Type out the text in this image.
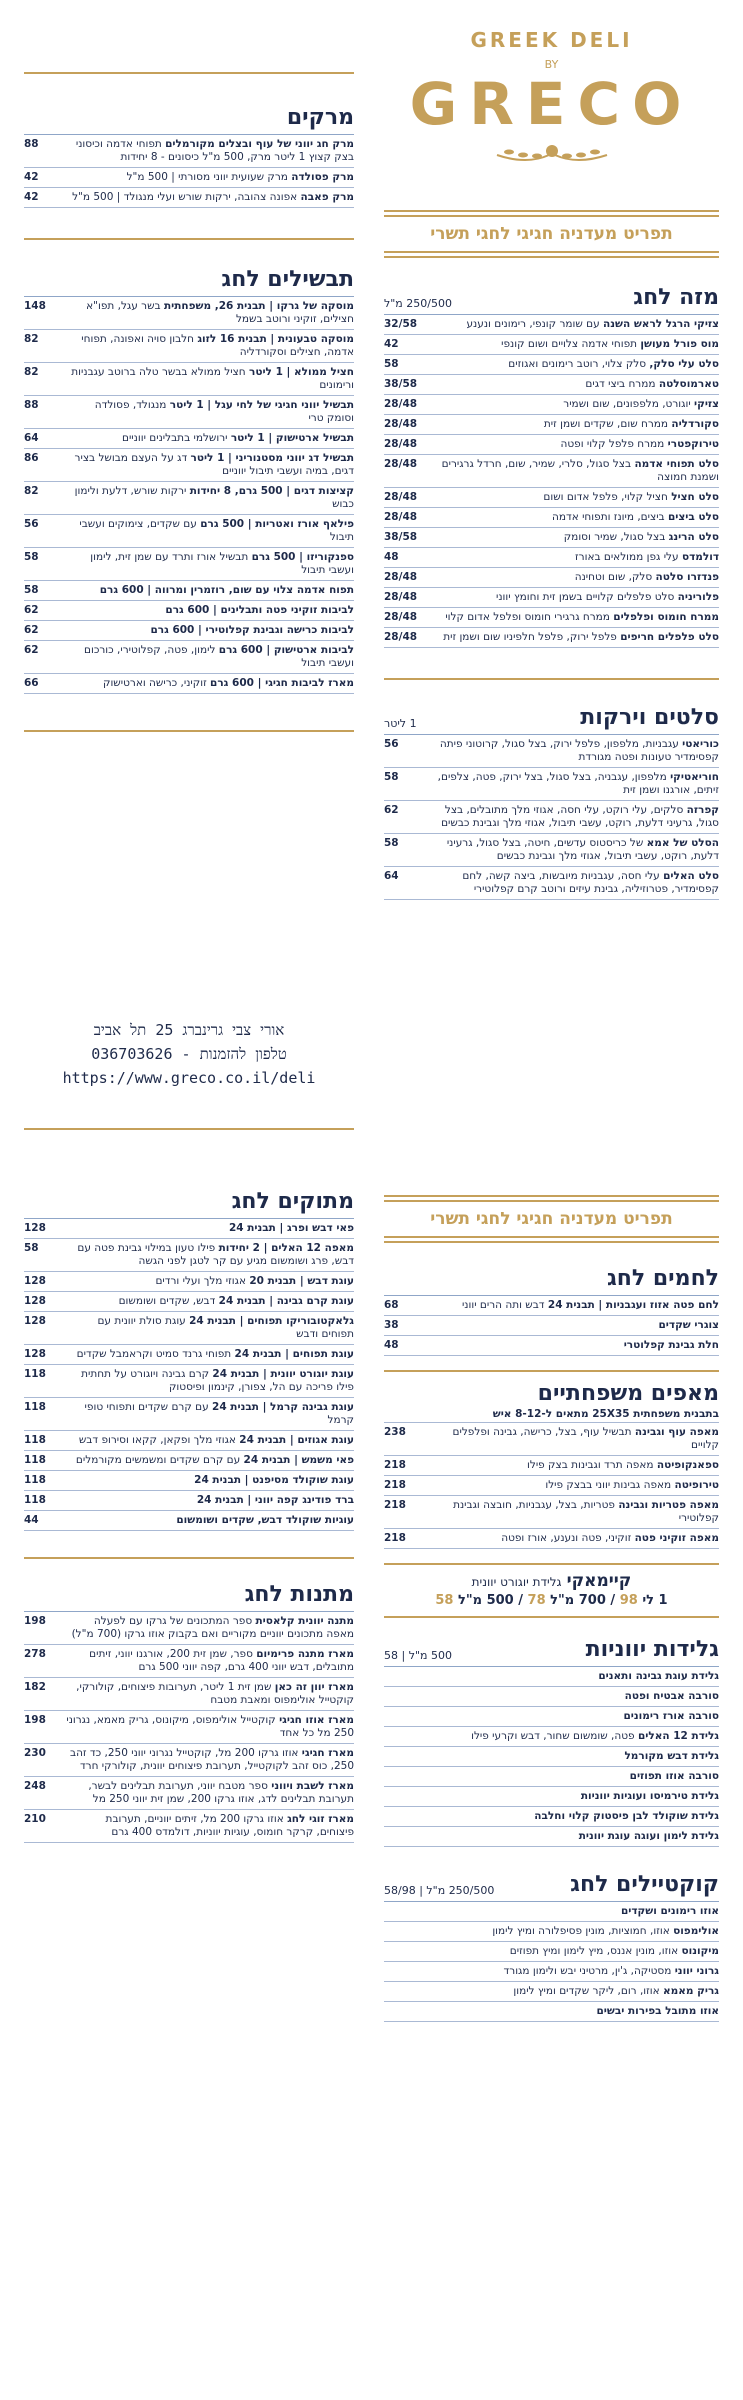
GREEK DELI
BY
GRECO
תפריט מעדניה חגיגי לחגי תשרי
מזה לחג
250/500 מ"ל
צזיקי הרגל לראש השנה עם שומר קונפי, רימונים ונענע
32/58
מוס פורל מעושן תפוחי אדמה צלויים ושום קונפי
42
סלט עלי סלק, סלק צלוי, רוטב רימונים ואגוזים
58
טארמוסלטה ממרח ביצי דגים
38/58
צזיקי יוגורט, מלפפונים, שום ושמיר
28/48
סקורדליה ממרח שום, שקדים ושמן זית
28/48
טירוקפטרי ממרח פלפל קלוי ופטה
28/48
סלט תפוחי אדמה בצל סגול, סלרי, שמיר, שום, חרדל גרגירים ושמנת חמוצה
28/48
סלט חציל חציל קלוי, פלפל אדום ושום
28/48
סלט ביצים ביצים, מיונז ותפוחי אדמה
28/48
סלט הרינג בצל סגול, שמיר וסומק
38/58
דולמדס עלי גפן ממולאים באורז
48
פנדזרו סלטה סלק, שום וטחינה
28/48
פלוריניה סלט פלפלים קלויים בשמן זית וחומץ יווני
28/48
ממרח חומוס ופלפלים ממרח גרגירי חומוס ופלפל אדום קלוי
28/48
סלט פלפלים חריפים פלפל ירוק, פלפל חלפיניו שום ושמן זית
28/48
סלטים וירקות
1 ליטר
כוריאטי עגבניות, מלפפון, פלפל ירוק, בצל סגול, קרוטוני פיתה קפסימדיר טעונות ופטה מגורדת
56
חוריאטיקי מלפפון, עגבניה, בצל סגול, בצל ירוק, פטה, צלפים, זיתים, אורגנו ושמן זית
58
קפרזה סלקים, עלי רוקט, עלי חסה, אגוזי מלך מתובלים, בצל סגול, גרעיני דלעת, רוקט, עשבי תיבול, אגוזי מלך וגבינת כבשים
62
הסלט של אמא של כריסטוס עדשים, חיטה, בצל סגול, גרעיני דלעת, רוקט, עשבי תיבול, אגוזי מלך וגבינת כבשים
58
סלט האלים עלי חסה, עגבניות מיובשות, ביצה קשה, לחם קפסימדיר, פטרוזיליה, גבינת עיזים ורוטב קרם קפלוטירי
64
מרקים
מרק חג יווני של עוף ובצלים מקורמלים תפוחי אדמה וכיסוני בצק קצוץ 1 ליטר מרק, 500 מ"ל כיסונים - 8 יחידות
88
מרק פסולדה מרק שעועית יווני מסורתי | 500 מ"ל
42
מרק פאבה אפונה צהובה, ירקות שורש ועלי מנגולד | 500 מ"ל
42
תבשילים לחג
מוסקה של גרקו | תבנית 26, משפחתית בשר עגל, תפו"א חצילים, זוקיני ורוטב בשמל
148
מוסקה טבעונית | תבנית 16 לזוג חלבון סויה ואפונה, תפוחי אדמה, חצילים וסקורדליה
82
חציל ממולא | 1 ליטר חציל ממולא בבשר טלה ברוטב עגבניות ורימונים
82
תבשיל יווני חגיגי של לחי עגל | 1 ליטר מנגולד, פסולדה וסומק טרי
88
תבשיל ארטישוק | 1 ליטר ירושלמי בתבלינים יווניים
64
תבשיל דג יווני מסטנוריני | 1 ליטר דג על העצם מבושל בציר דגים, במיה ועשבי תיבול יווניים
86
קציצות דגים | 500 גרם, 8 יחידות ירקות שורש, דלעת ולימון כבוש
82
פילאף אורז ואטריות | 500 גרם עם שקדים, צימוקים ועשבי תיבול
56
ספנקוריזו | 500 גרם תבשיל אורז ותרד עם שמן זית, לימון ועשבי תיבול
58
תפוח אדמה צלוי עם שום, רוזמרין ומרווה | 600 גרם
58
לביבות זוקיני פטה ותבלינים | 600 גרם
62
לביבות כרישה וגבינת קפלוטירי | 600 גרם
62
לביבות ארטישוק | 600 גרם לימון, פטה, קפלוטירי, כורכום ועשבי תיבול
62
מארז לביבות חגיגי | 600 גרם זוקיני, כרישה וארטישוק
66
אורי צבי גרינברג 25 תל אביב
טלפון להזמנות - 036703626
https://www.greco.co.il/deli
תפריט מעדניה חגיגי לחגי תשרי
לחמים לחג
לחם פטה אזוז ועגבניות | תבנית 24 דבש ותה הרים יווני
68
צוגרי שקדים
38
חלת גבינת קפלוטרי
48
מאפים משפחתיים
בתבנית משפחתית 25X35 מתאים ל-8-12 איש
מאפה עוף וגבינה תבשיל עוף, בצל, כרישה, גבינה ופלפלים קלויים
238
ספאנקופיטה מאפה תרד וגבינות בצק פילו
218
טירופיטה מאפה גבינות יווני בבצק פילו
218
מאפה פטריות וגבינה פטריות, בצל, עגבניות, חובצה וגבינת קפלוטירי
218
מאפה זוקיני פטה זוקיני, פטה ונענע, אורז ופטה
218
קיימאקי גלידת יוגורט יוונית
1 לי 98 / 700 מ"ל 78 / 500 מ"ל 58
גלידות יווניות
500 מ"ל | 58
גלידת עוגת גבינה ותאנים
סורבה אבטיח ופטה
סורבה אורז רימונים
גלידת 12 האלים פטה, שומשום שחור, דבש וקרעי פילו
גלידת דבש מקורמל
סורבה אוזו תפוזים
גלידת טירמיסו ועוגיות יווניות
גלידת שוקולד לבן פיסטוק קלוי וחלבה
גלידת לימון ועוגה עוגת יוונית
קוקטיילים לחג
250/500 מ"ל | 58/98
אוזו רימונים ושקדים
אולימפוס אוזו, חמוציות, מונין פסיפלורה ומיץ לימון
מיקונוס אוזו, מונין אננס, מיץ לימון ומיץ תפוזים
גרוני יווני מסטיקה, ג'ין, מרטיני יבש ולימון מגורד
גריק מאמא אוזו, רום, ליקר שקדים ומיץ לימון
אוזו מתובל בפירות יבשים
מתוקים לחג
פאי דבש ופרג | תבנית 24
128
מאפה 12 האלים | 2 יחידות פילו טעון במילוי גבינת פטה עם דבש, פרג ושומשום מגיע עם קר לטגן לפני הגשה
58
עוגת דבש | תבנית 20 אגוזי מלך ועלי ורדים
128
עוגת קרם גבינה | תבנית 24 דבש, שקדים ושומשום
128
גלאקטובוריקו תפוחים | תבנית 24 עוגת סולת יוונית עם תפוחים ודבש
128
עוגת תפוחים | תבנית 24 תפוחי גרנד סמיט וקראמבל שקדים
128
עוגת יוגורט יוונית | תבנית 24 קרם גבינה ויוגורט על תחתית פילו פריכה עם הל, צפורן, קינמון ופיסטוק
118
עוגת גבינה קרמל | תבנית 24 עם קרם שקדים ותפוחי טופי קרמל
118
עוגת אגוזים | תבנית 24 אגוזי מלך ופקאן, קקאו וסירופ דבש
118
פאי משמש | תבנית 24 עם קרם שקדים ומשמשים מקורמלים
118
עוגת שוקולד מסיפנט | תבנית 24
118
ברד פודינג קפה יווני | תבנית 24
118
עוגיות שוקולד דבש, שקדים ושומשום
44
מתנות לחג
מתנה יוונית קלאסית ספר המתכונים של גרקו עם לפעלה מאפה מתכונים יווניים מקוריים ואם בקבוק אוזו גרקו (700 מ"ל)
198
מארז מתנה פרימיום ספר, שמן זית 200, אורגנו יווני, זיתים מתובלים, דבש יווני 400 גרם, קפה יווני 500 גרם
278
מארז יוון זה כאן שמן זית 1 ליטר, תערובות פיצוחים, קולורקי, קוקטייל אולימפוס ומאבת מטבח
182
מארז אוזו חגיגי קוקטייל אולימפוס, מיקונוס, גריק מאמא, נגרוני 250 מל כל אחד
198
מארז חגיגי אוזו גרקו 200 מל, קוקטייל נגרוני יווני 250, כד זהב 250, כוס זהב לקוקטייל, תערובת פיצוחים יוונית, קולורקי חרד
230
מארז לשבת ויווני ספר מטבח יווני, תערובת תבלינים לבשר, תערובת תבלינים לדג, אוזו גרקו 200, שמן זית יווני 250 מל
248
מארז זוגי לחג אוזו גרקו 200 מל, זיתים יווניים, תערובת פיצוחים, קרקר חומוס, עוגיות יווניות, דולמדס 400 גרם
210
